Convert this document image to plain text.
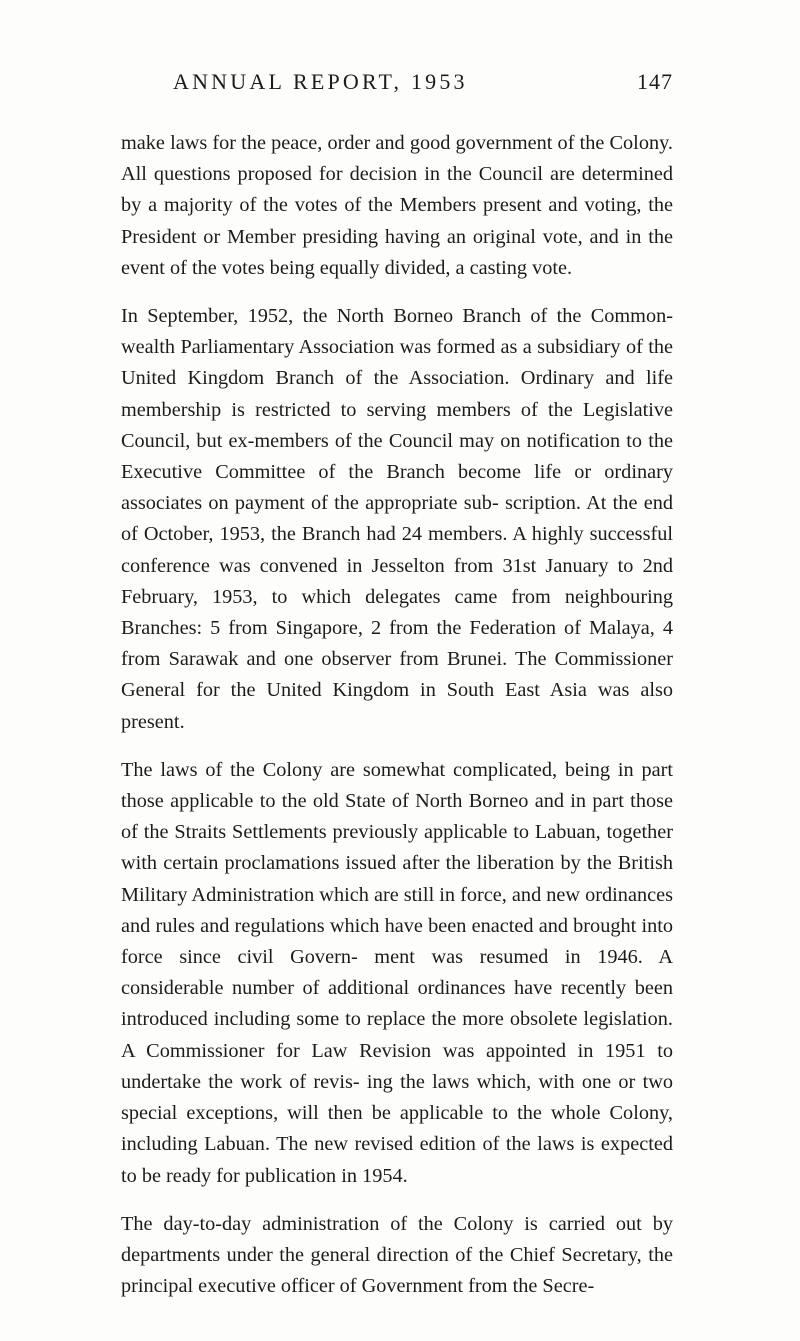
ANNUAL REPORT, 1953	147

make laws for the peace, order and good government of the Colony. All questions proposed for decision in the Council are determined by a majority of the votes of the Members present and voting, the President or Member presiding having an original vote, and in the event of the votes being equally divided, a casting vote.

In September, 1952, the North Borneo Branch of the Common- wealth Parliamentary Association was formed as a subsidiary of the United Kingdom Branch of the Association. Ordinary and life membership is restricted to serving members of the Legislative Council, but ex-members of the Council may on notification to the Executive Committee of the Branch become life or ordinary associates on payment of the appropriate sub- scription. At the end of October, 1953, the Branch had 24 members. A highly successful conference was convened in Jesselton from 31st January to 2nd February, 1953, to which delegates came from neighbouring Branches: 5 from Singapore, 2 from the Federation of Malaya, 4 from Sarawak and one observer from Brunei. The Commissioner General for the United Kingdom in South East Asia was also present.

The laws of the Colony are somewhat complicated, being in part those applicable to the old State of North Borneo and in part those of the Straits Settlements previously applicable to Labuan, together with certain proclamations issued after the liberation by the British Military Administration which are still in force, and new ordinances and rules and regulations which have been enacted and brought into force since civil Govern- ment was resumed in 1946. A considerable number of additional ordinances have recently been introduced including some to replace the more obsolete legislation. A Commissioner for Law Revision was appointed in 1951 to undertake the work of revis- ing the laws which, with one or two special exceptions, will then be applicable to the whole Colony, including Labuan. The new revised edition of the laws is expected to be ready for publication in 1954.

The day-to-day administration of the Colony is carried out by departments under the general direction of the Chief Secretary, the principal executive officer of Government from the Secre-
